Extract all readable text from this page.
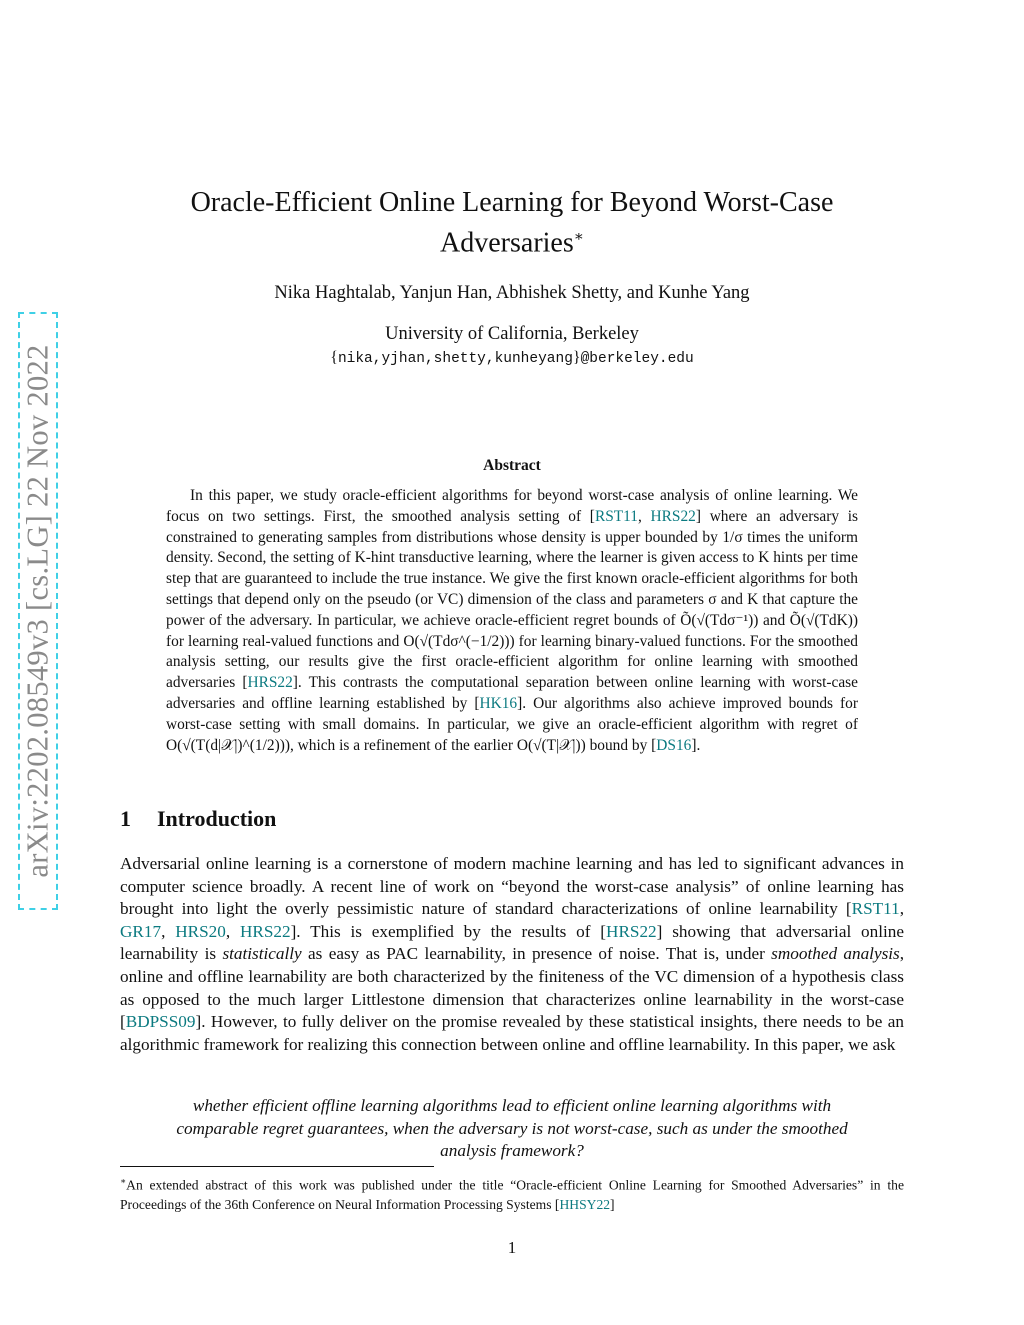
arXiv:2202.08549v3 [cs.LG] 22 Nov 2022
Oracle-Efficient Online Learning for Beyond Worst-Case
Adversaries∗
Nika Haghtalab, Yanjun Han, Abhishek Shetty, and Kunhe Yang
University of California, Berkeley
{nika,yjhan,shetty,kunheyang}@berkeley.edu
Abstract

In this paper, we study oracle-efficient algorithms for beyond worst-case analysis of online learning. We focus on two settings. First, the smoothed analysis setting of [RST11, HRS22] where an adversary is constrained to generating samples from distributions whose density is upper bounded by 1/σ times the uniform density. Second, the setting of K-hint transductive learning, where the learner is given access to K hints per time step that are guaranteed to include the true instance. We give the first known oracle-efficient algorithms for both settings that depend only on the pseudo (or VC) dimension of the class and parameters σ and K that capture the power of the adversary. In particular, we achieve oracle-efficient regret bounds of Õ(√(Tdσ⁻¹)) and Õ(√(TdK)) for learning real-valued functions and O(√(Tdσ^(−1/2))) for learning binary-valued functions. For the smoothed analysis setting, our results give the first oracle-efficient algorithm for online learning with smoothed adversaries [HRS22]. This contrasts the computational separation between online learning with worst-case adversaries and offline learning established by [HK16]. Our algorithms also achieve improved bounds for worst-case setting with small domains. In particular, we give an oracle-efficient algorithm with regret of O(√(T(d|𝒳|)^(1/2))), which is a refinement of the earlier O(√(T|𝒳|)) bound by [DS16].

1 Introduction

Adversarial online learning is a cornerstone of modern machine learning and has led to significant advances in computer science broadly. A recent line of work on “beyond the worst-case analysis” of online learning has brought into light the overly pessimistic nature of standard characterizations of online learnability [RST11, GR17, HRS20, HRS22]. This is exemplified by the results of [HRS22] showing that adversarial online learnability is statistically as easy as PAC learnability, in presence of noise. That is, under smoothed analysis, online and offline learnability are both characterized by the finiteness of the VC dimension of a hypothesis class as opposed to the much larger Littlestone dimension that characterizes online learnability in the worst-case [BDPSS09]. However, to fully deliver on the promise revealed by these statistical insights, there needs to be an algorithmic framework for realizing this connection between online and offline learnability. In this paper, we ask

whether efficient offline learning algorithms lead to efficient online learning algorithms with comparable regret guarantees, when the adversary is not worst-case, such as under the smoothed analysis framework?

∗An extended abstract of this work was published under the title “Oracle-efficient Online Learning for Smoothed Adversaries” in the Proceedings of the 36th Conference on Neural Information Processing Systems [HHSY22]

1
